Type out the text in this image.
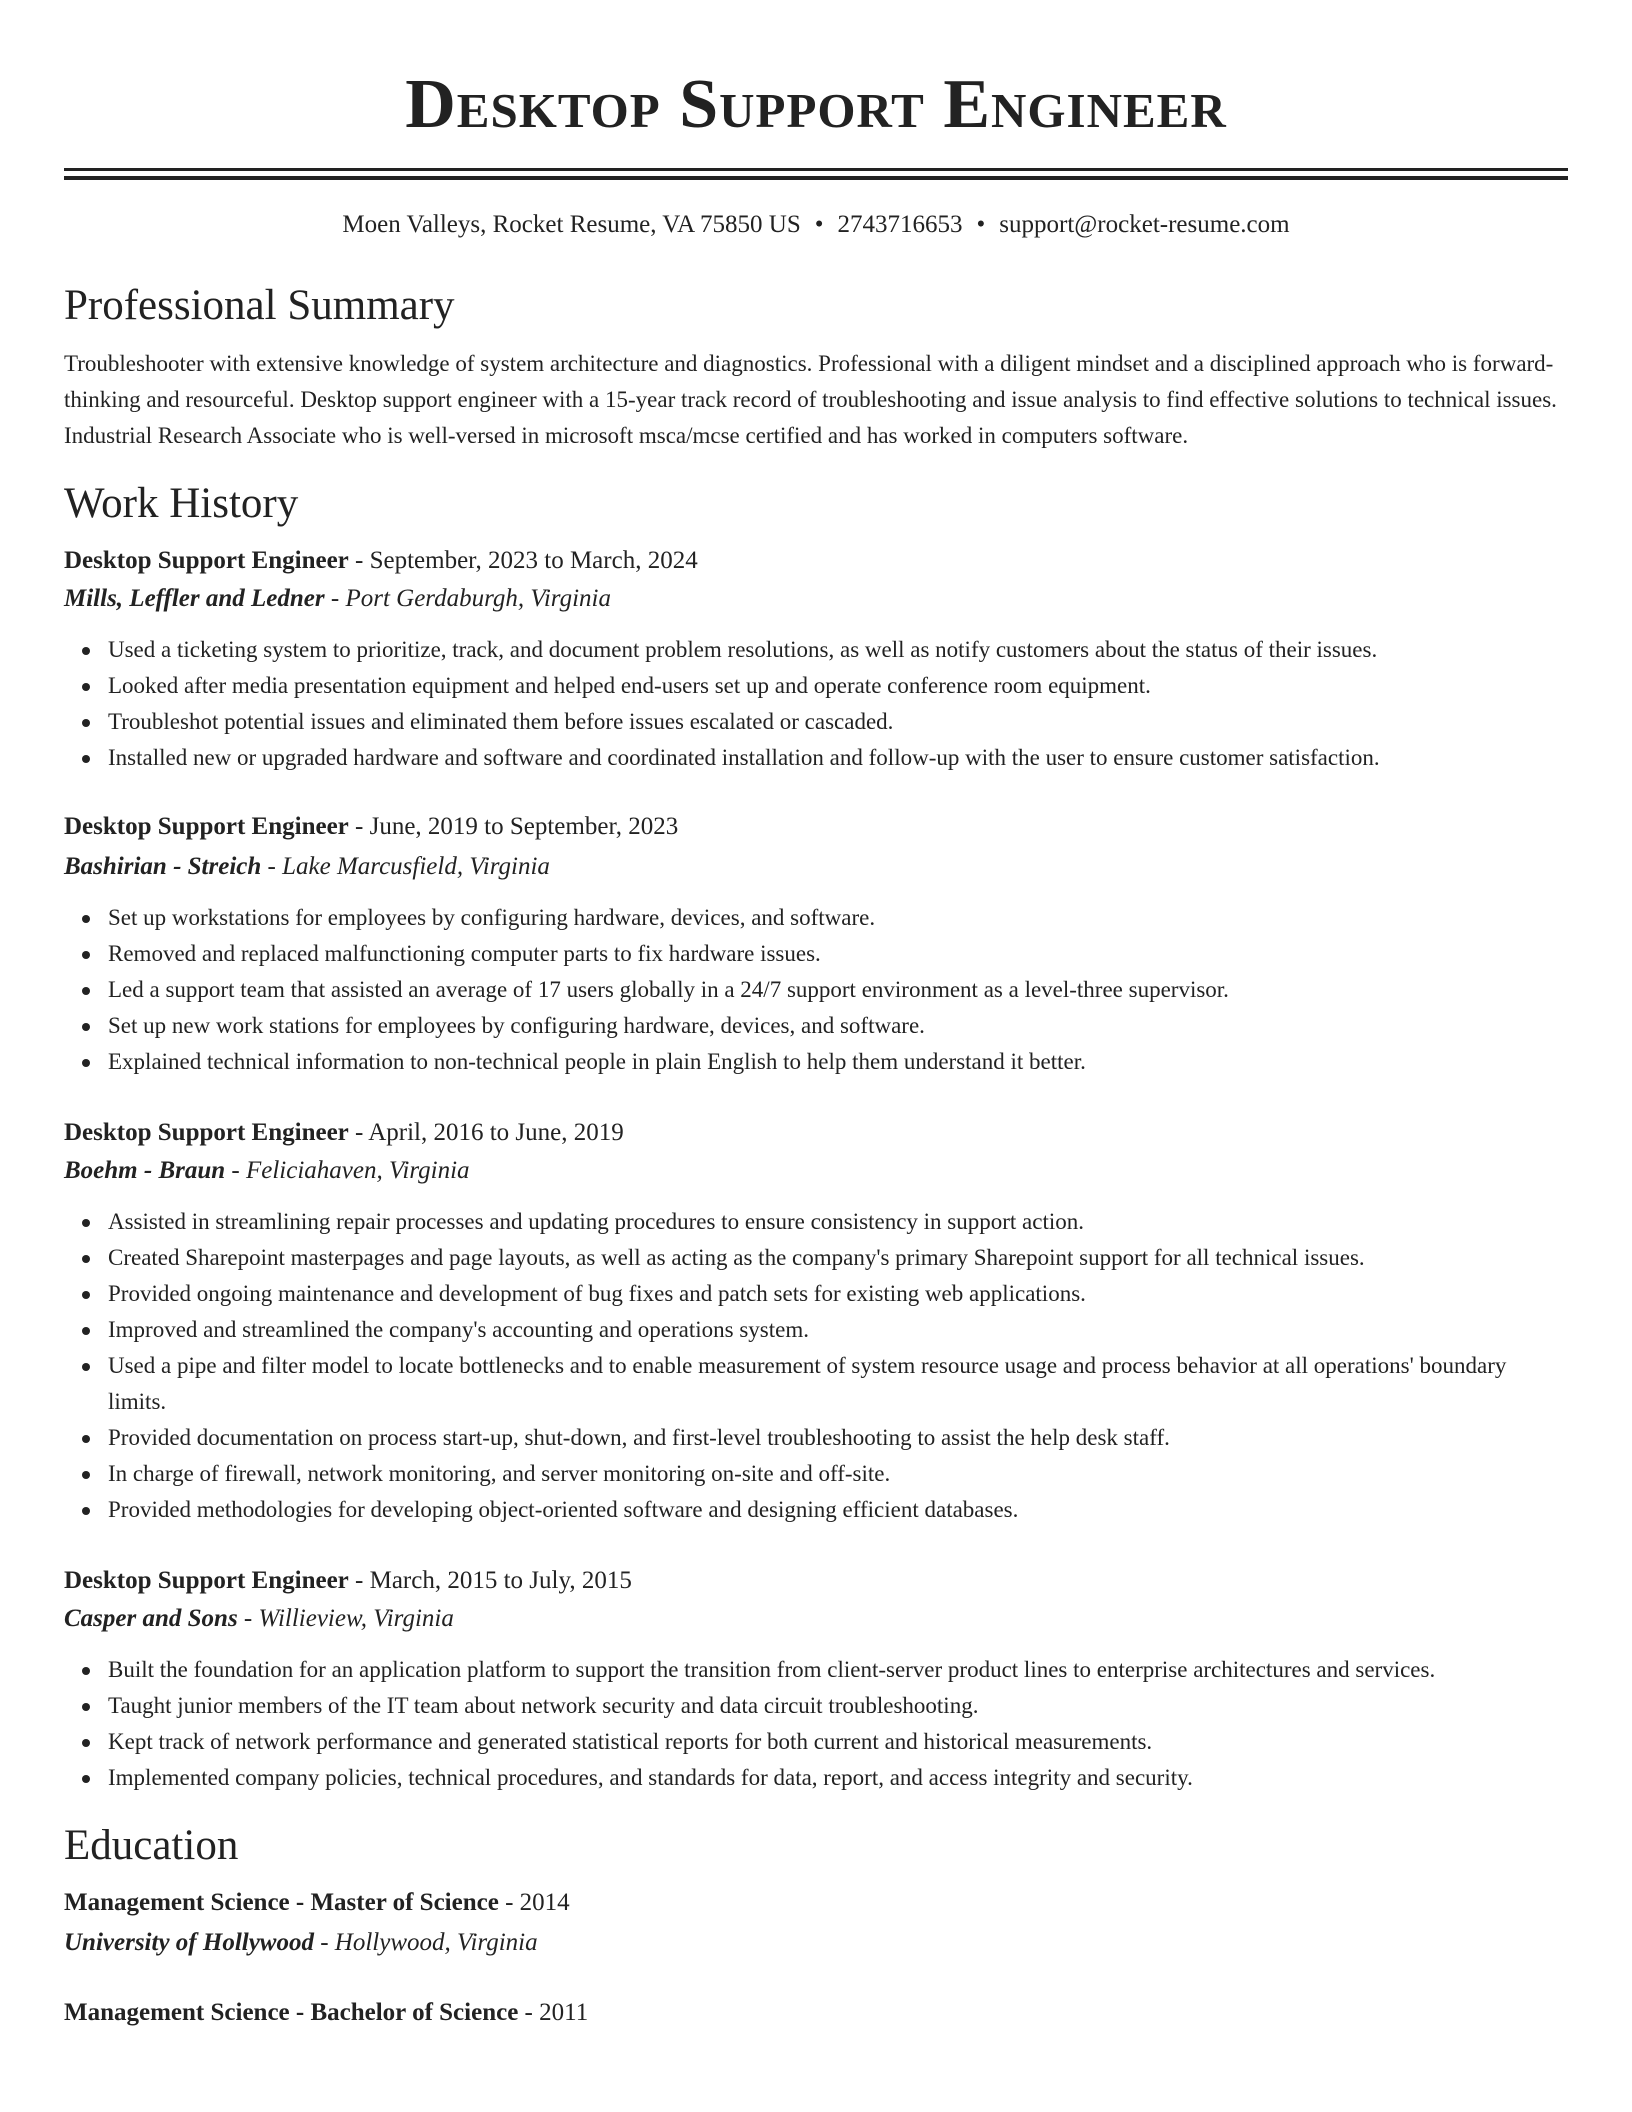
Desktop Support Engineer
Moen Valleys, Rocket Resume, VA 75850 US • 2743716653 • support@rocket-resume.com
Professional Summary

Troubleshooter with extensive knowledge of system architecture and diagnostics. Professional with a diligent mindset and a disciplined approach who is forward-thinking and resourceful. Desktop support engineer with a 15-year track record of troubleshooting and issue analysis to find effective solutions to technical issues. Industrial Research Associate who is well-versed in microsoft msca/mcse certified and has worked in computers software.

Work History
Desktop Support Engineer - September, 2023 to March, 2024
Mills, Leffler and Ledner - Port Gerdaburgh, Virginia
Used a ticketing system to prioritize, track, and document problem resolutions, as well as notify customers about the status of their issues.
Looked after media presentation equipment and helped end-users set up and operate conference room equipment.
Troubleshot potential issues and eliminated them before issues escalated or cascaded.
Installed new or upgraded hardware and software and coordinated installation and follow-up with the user to ensure customer satisfaction.
Desktop Support Engineer - June, 2019 to September, 2023
Bashirian - Streich - Lake Marcusfield, Virginia
Set up workstations for employees by configuring hardware, devices, and software.
Removed and replaced malfunctioning computer parts to fix hardware issues.
Led a support team that assisted an average of 17 users globally in a 24/7 support environment as a level-three supervisor.
Set up new work stations for employees by configuring hardware, devices, and software.
Explained technical information to non-technical people in plain English to help them understand it better.
Desktop Support Engineer - April, 2016 to June, 2019
Boehm - Braun - Feliciahaven, Virginia
Assisted in streamlining repair processes and updating procedures to ensure consistency in support action.
Created Sharepoint masterpages and page layouts, as well as acting as the company's primary Sharepoint support for all technical issues.
Provided ongoing maintenance and development of bug fixes and patch sets for existing web applications.
Improved and streamlined the company's accounting and operations system.
Used a pipe and filter model to locate bottlenecks and to enable measurement of system resource usage and process behavior at all operations' boundary limits.
Provided documentation on process start-up, shut-down, and first-level troubleshooting to assist the help desk staff.
In charge of firewall, network monitoring, and server monitoring on-site and off-site.
Provided methodologies for developing object-oriented software and designing efficient databases.
Desktop Support Engineer - March, 2015 to July, 2015
Casper and Sons - Willieview, Virginia
Built the foundation for an application platform to support the transition from client-server product lines to enterprise architectures and services.
Taught junior members of the IT team about network security and data circuit troubleshooting.
Kept track of network performance and generated statistical reports for both current and historical measurements.
Implemented company policies, technical procedures, and standards for data, report, and access integrity and security.
Education
Management Science - Master of Science - 2014
University of Hollywood - Hollywood, Virginia
Management Science - Bachelor of Science - 2011
